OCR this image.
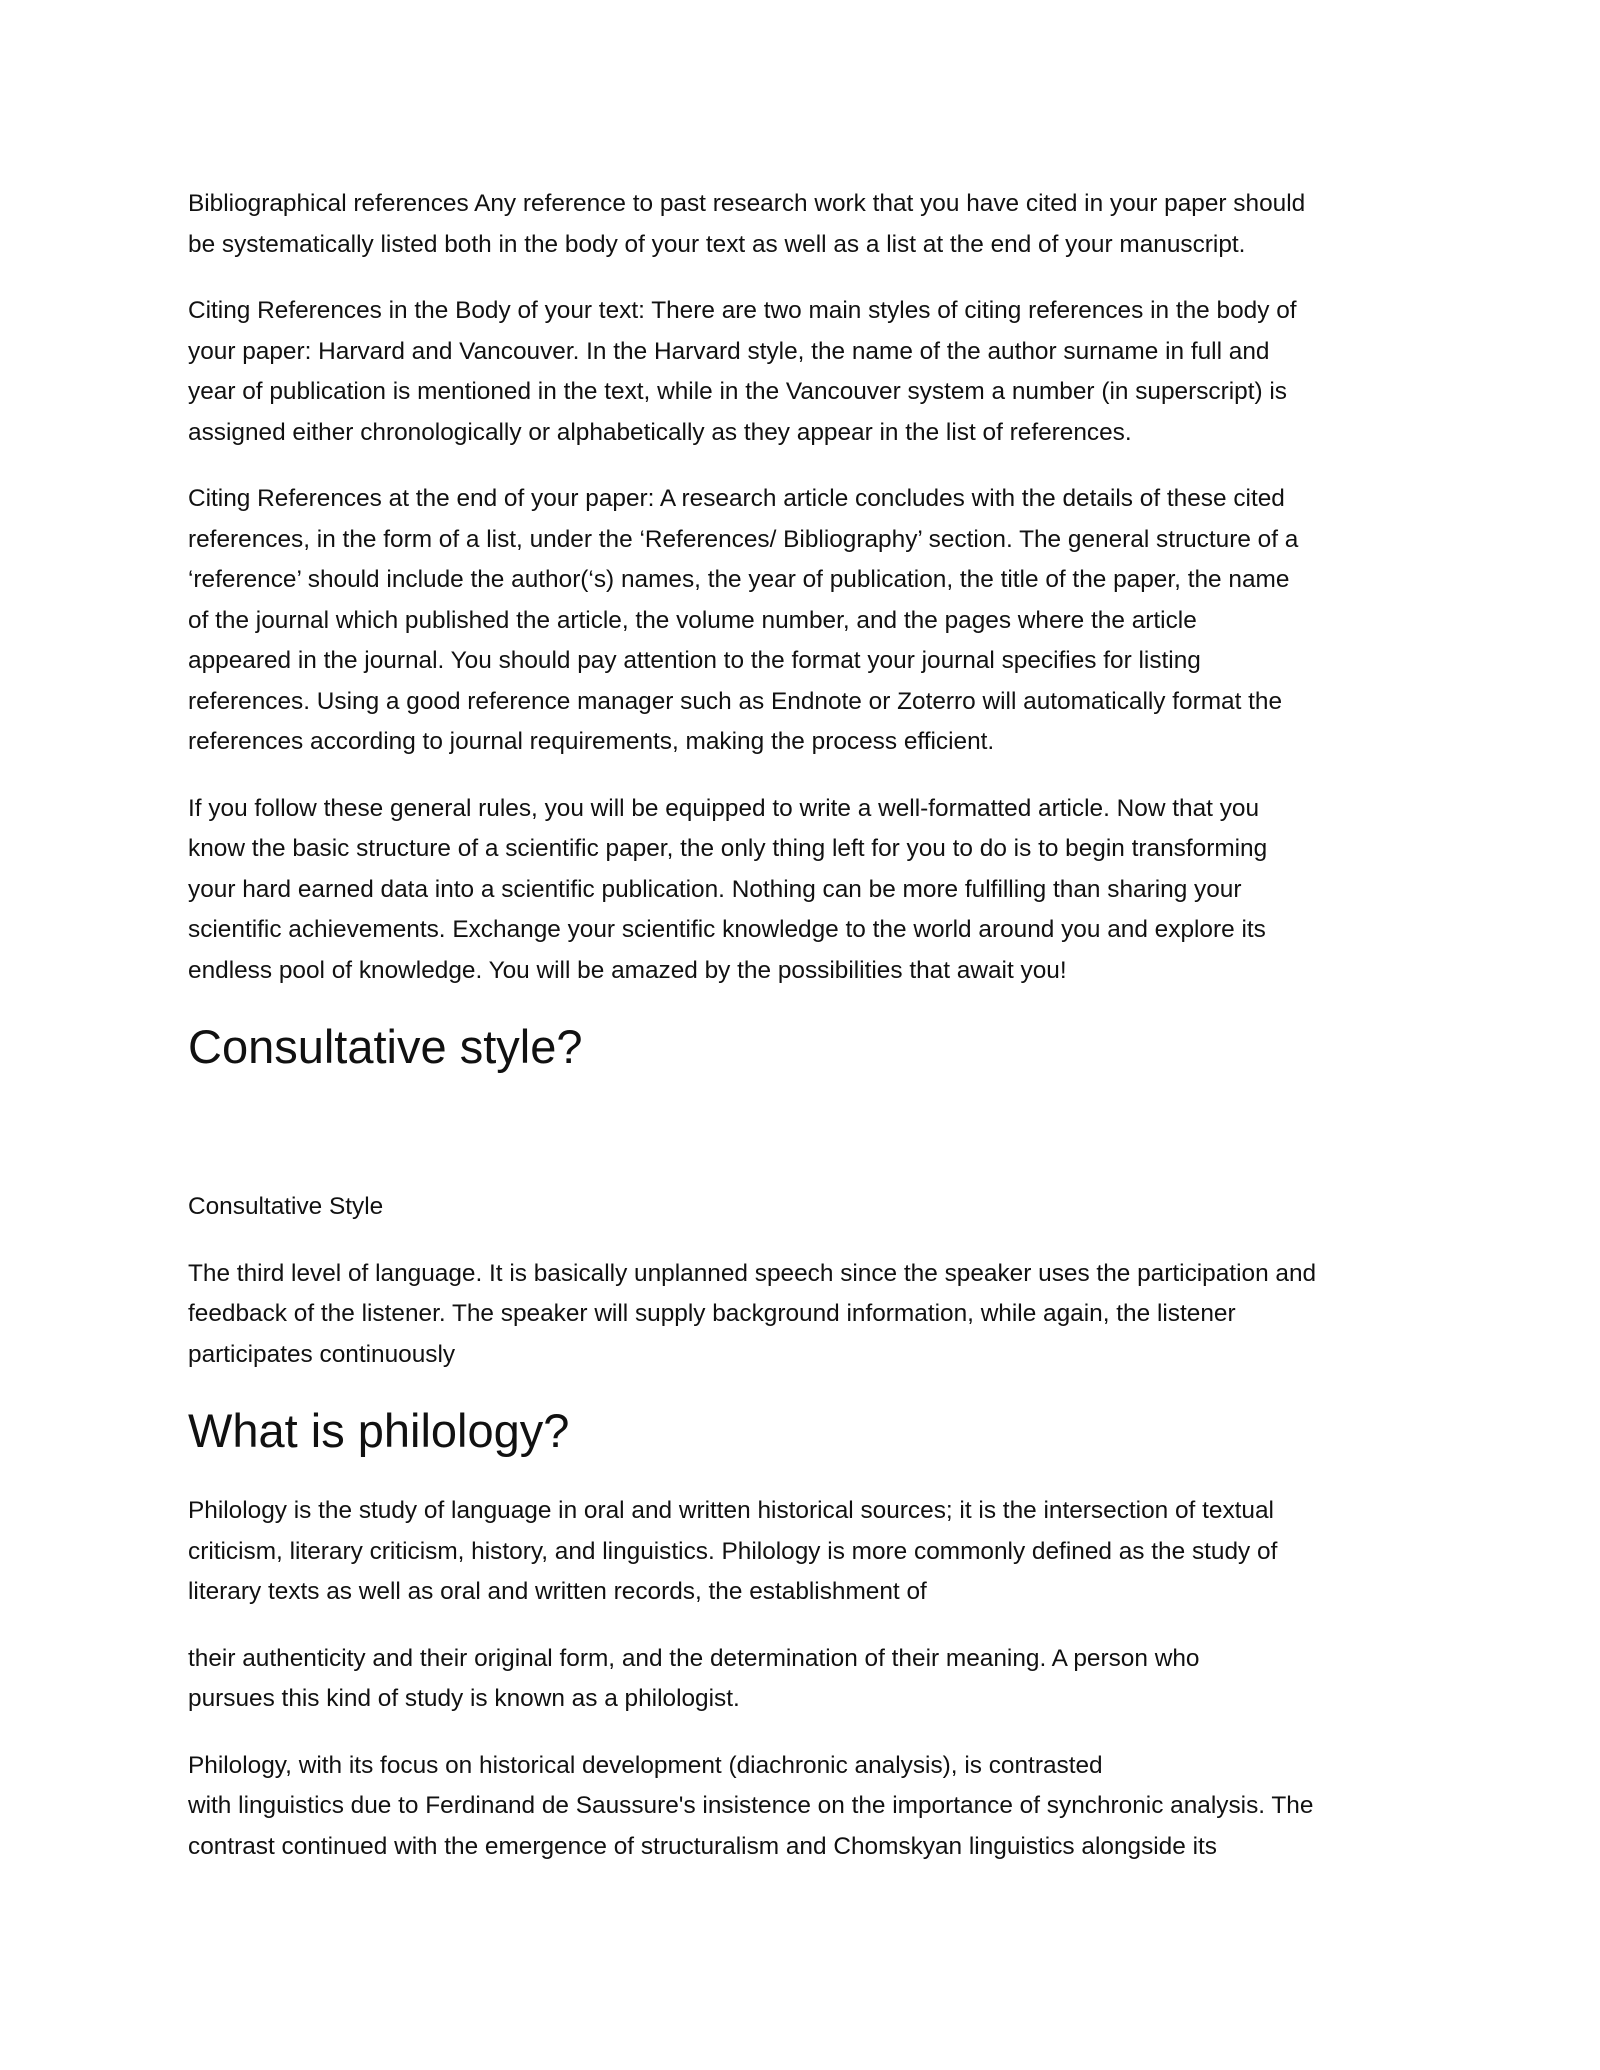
Bibliographical references Any reference to past research work that you have cited in your paper should
be systematically listed both in the body of your text as well as a list at the end of your manuscript.

Citing References in the Body of your text: There are two main styles of citing references in the body of
your paper: Harvard and Vancouver. In the Harvard style, the name of the author surname in full and
year of publication is mentioned in the text, while in the Vancouver system a number (in superscript) is
assigned either chronologically or alphabetically as they appear in the list of references.

Citing References at the end of your paper: A research article concludes with the details of these cited
references, in the form of a list, under the ‘References/ Bibliography’ section. The general structure of a
‘reference’ should include the author(‘s) names, the year of publication, the title of the paper, the name
of the journal which published the article, the volume number, and the pages where the article
appeared in the journal. You should pay attention to the format your journal specifies for listing
references. Using a good reference manager such as Endnote or Zoterro will automatically format the
references according to journal requirements, making the process efficient.

If you follow these general rules, you will be equipped to write a well-formatted article. Now that you
know the basic structure of a scientific paper, the only thing left for you to do is to begin transforming
your hard earned data into a scientific publication. Nothing can be more fulfilling than sharing your
scientific achievements. Exchange your scientific knowledge to the world around you and explore its
endless pool of knowledge. You will be amazed by the possibilities that await you!

Consultative style?

Consultative Style

The third level of language. It is basically unplanned speech since the speaker uses the participation and
feedback of the listener. The speaker will supply background information, while again, the listener
participates continuously

What is philology?

Philology is the study of language in oral and written historical sources; it is the intersection of textual
criticism, literary criticism, history, and linguistics. Philology is more commonly defined as the study of
literary texts as well as oral and written records, the establishment of

their authenticity and their original form, and the determination of their meaning. A person who
pursues this kind of study is known as a philologist.

Philology, with its focus on historical development (diachronic analysis), is contrasted
with linguistics due to Ferdinand de Saussure's insistence on the importance of synchronic analysis. The
contrast continued with the emergence of structuralism and Chomskyan linguistics alongside its
